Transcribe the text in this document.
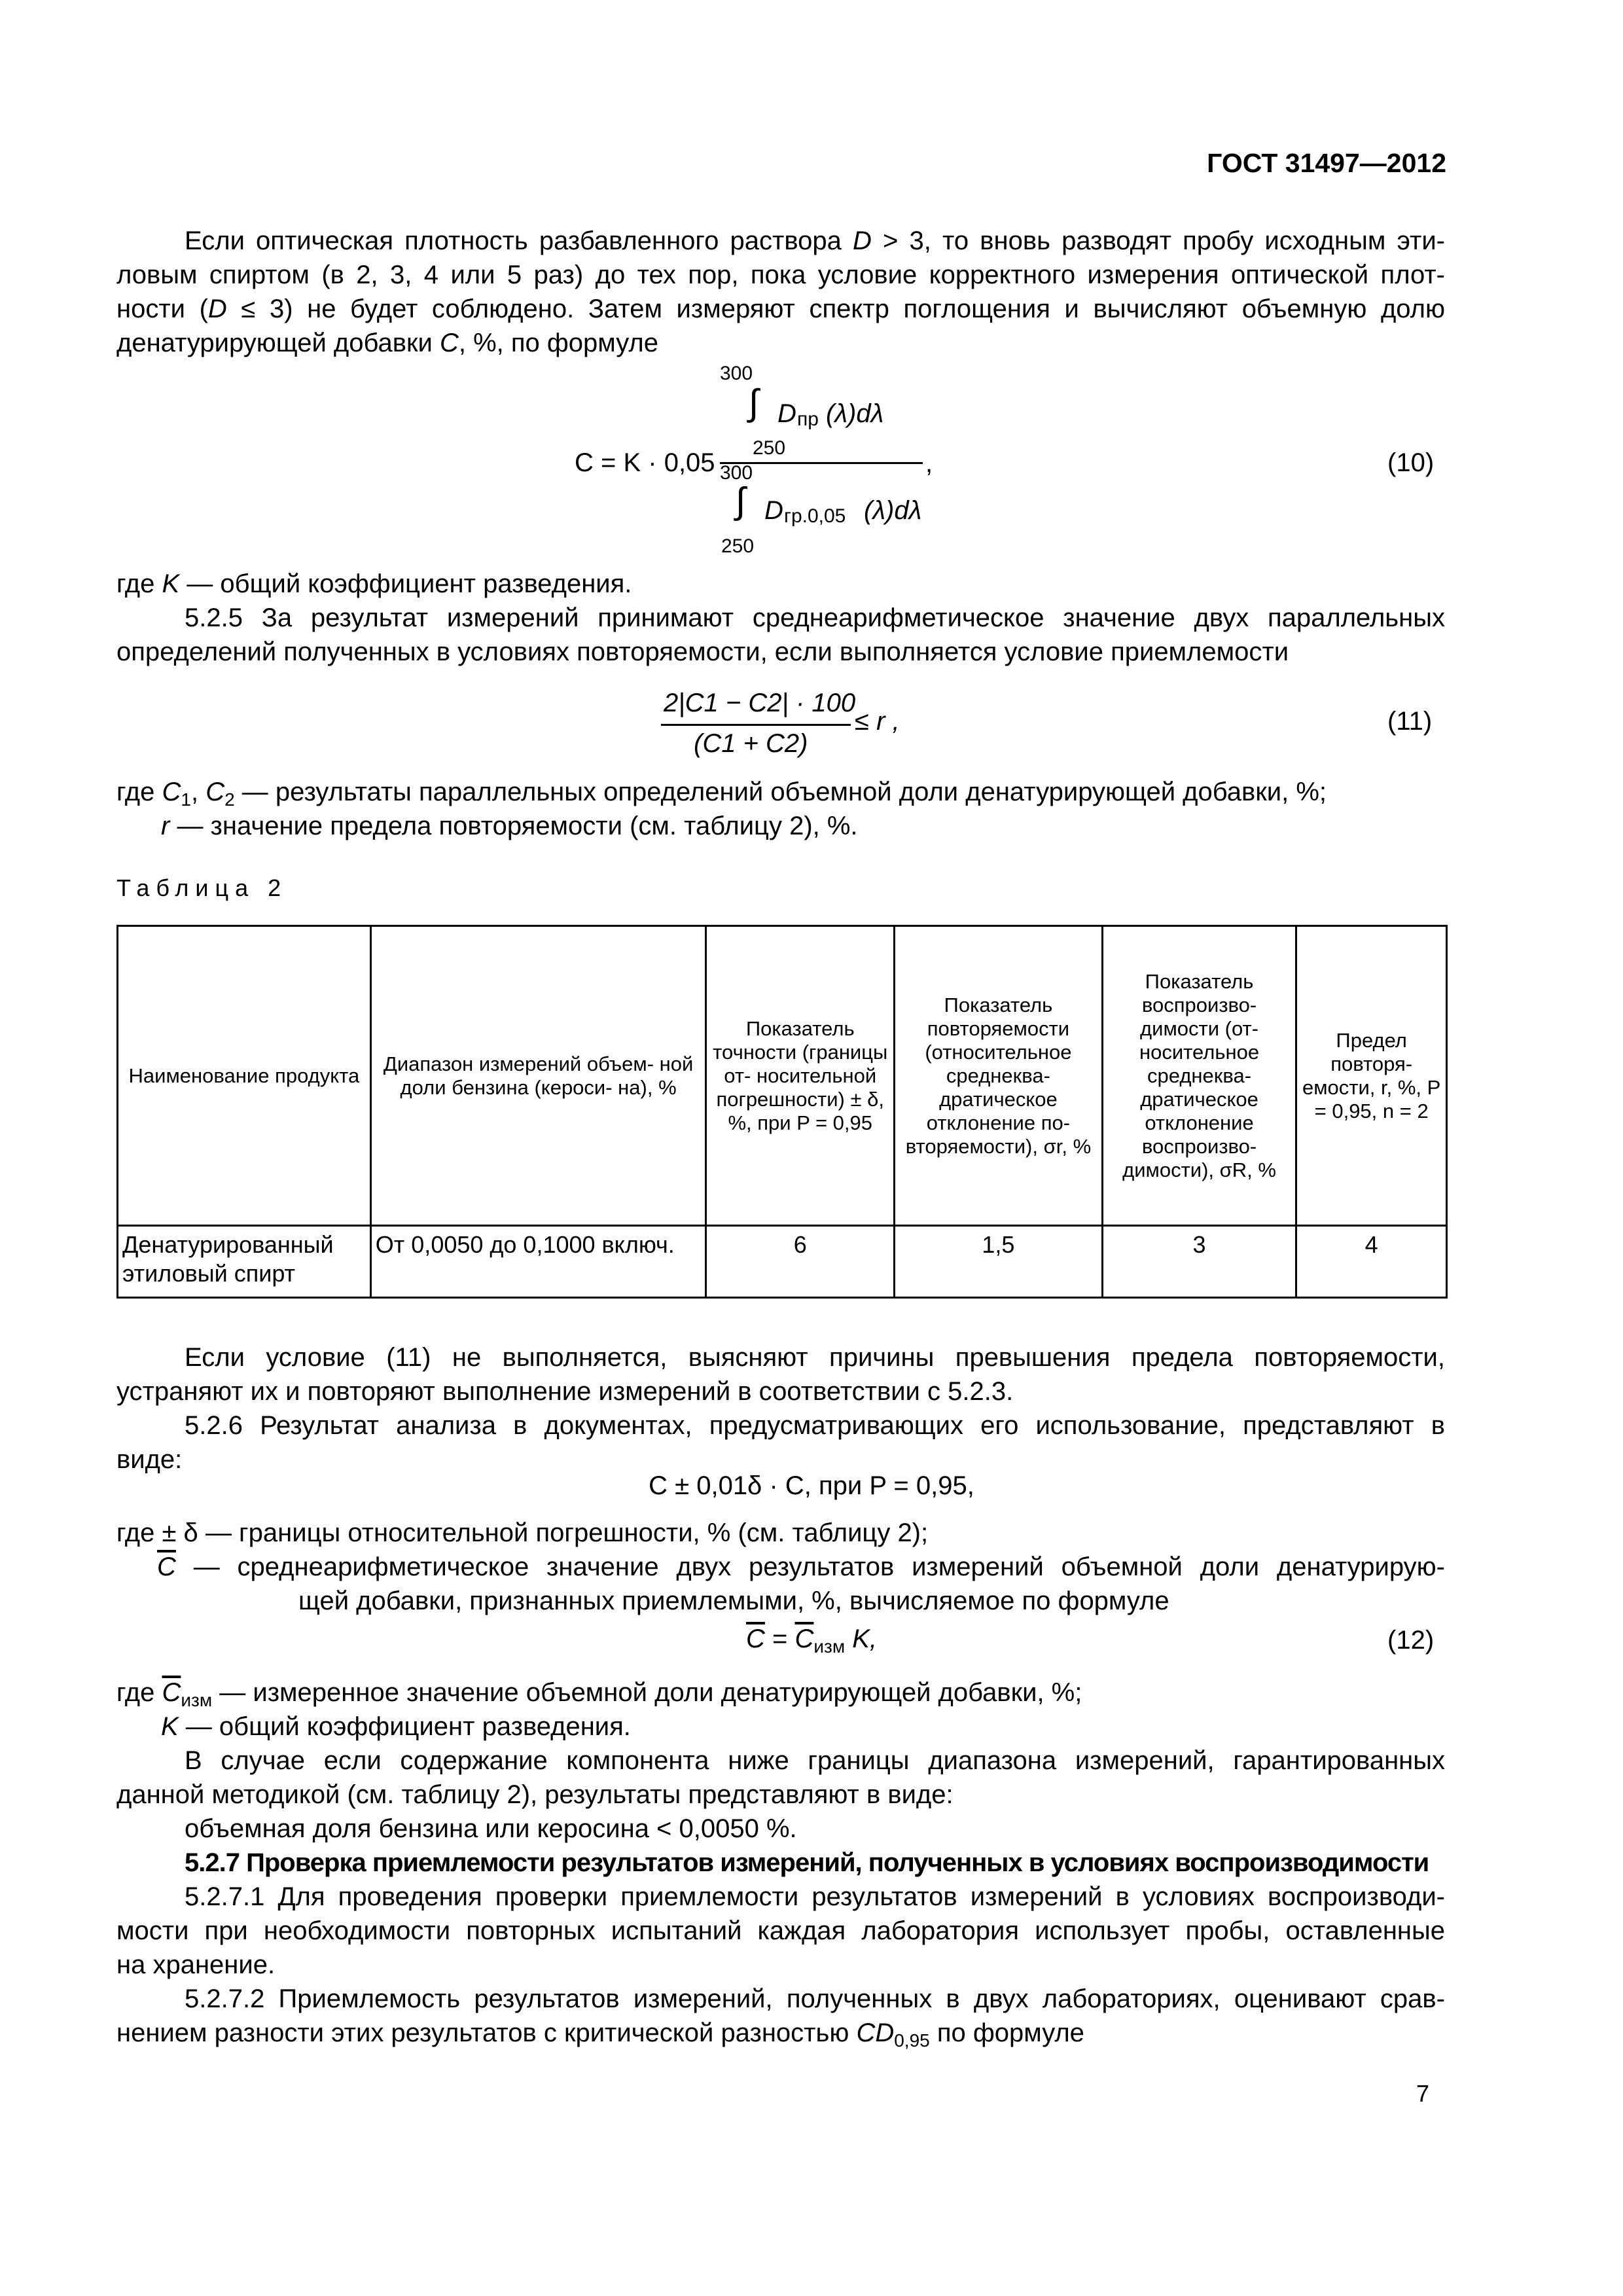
ГОСТ 31497—2012
Если оптическая плотность разбавленного раствора D > 3, то вновь разводят пробу исходным эти-
ловым спиртом (в 2, 3, 4 или 5 раз) до тех пор, пока условие корректного измерения оптической плот-
ности (D ≤ 3) не будет соблюдено. Затем измеряют спектр поглощения и вычисляют объемную долю
денатурирующей добавки C, %, по формуле
C = K · 0,05
300
∫ D пр (λ)dλ
250
,
300
∫ D гр.0,05 (λ)dλ
250
(10)
где K — общий коэффициент разведения.
5.2.5 За результат измерений принимают среднеарифметическое значение двух параллельных
определений полученных в условиях повторяемости, если выполняется условие приемлемости
2|C1 − C2| · 100
(C1 + C2)
≤ r ,	(11)
где $C_1$, $C_2$ — результаты параллельных определений объемной доли денатурирующей добавки, %;
r — значение предела повторяемости (см. таблицу 2), %.
Таблица 2
Наименование продукта	Диапазон измерений объем- ной доли бензина (кероси- на), %	Показатель точности (границы от- носительной погрешности) ± δ, %, при P = 0,95	Показатель повторяемости (относительное среднеква- дратическое отклонение по- вторяемости), σr, %	Показатель воспроизво- димости (от- носительное среднеква- дратическое отклонение воспроизво- димости), σR, %	Предел повторя- емости, r, %, P = 0,95, n = 2
Денатурированный этиловый спирт	От 0,0050 до 0,1000 включ.	6	1,5	3	4
Если условие (11) не выполняется, выясняют причины превышения предела повторяемости,
устраняют их и повторяют выполнение измерений в соответствии с 5.2.3.
5.2.6 Результат анализа в документах, предусматривающих его использование, представляют в
виде:
C ± 0,01δ · C, при P = 0,95,
где ± δ — границы относительной погрешности, % (см. таблицу 2);
$\overline{C}$ — среднеарифметическое значение двух результатов измерений объемной доли денатурирую-
щей добавки, признанных приемлемыми, %, вычисляемое по формуле
$\overline{C} = \overline{C}_{изм}$ K,	(12)
где $\overline{C}_{изм}$ — измеренное значение объемной доли денатурирующей добавки, %;
K — общий коэффициент разведения.
В случае если содержание компонента ниже границы диапазона измерений, гарантированных
данной методикой (см. таблицу 2), результаты представляют в виде:
объемная доля бензина или керосина < 0,0050 %.
5.2.7 Проверка приемлемости результатов измерений, полученных в условиях воспроизводимости
5.2.7.1 Для проведения проверки приемлемости результатов измерений в условиях воспроизводи-
мости при необходимости повторных испытаний каждая лаборатория использует пробы, оставленные
на хранение.
5.2.7.2 Приемлемость результатов измерений, полученных в двух лабораториях, оценивают срав-
нением разности этих результатов с критической разностью $CD_{0,95}$ по формуле
7
